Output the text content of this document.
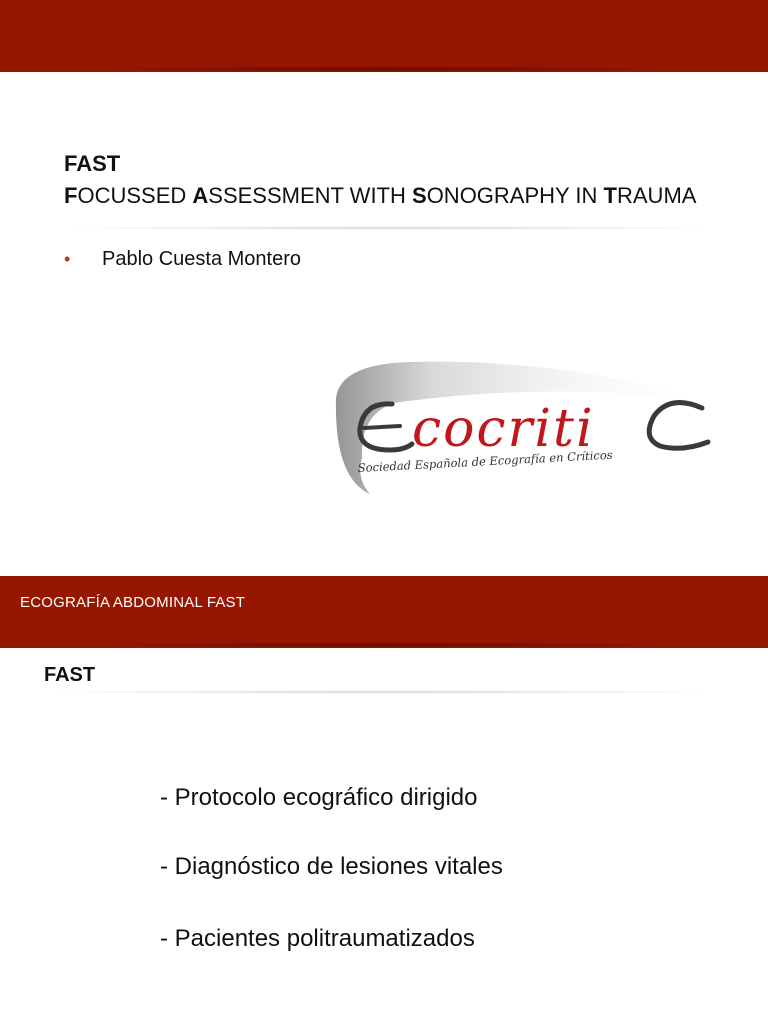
FAST
FOCUSSED ASSESSMENT WITH SONOGRAPHY IN TRAUMA
• Pablo Cuesta Montero
cocriti
Sociedad Española de Ecografía en Críticos
ECOGRAFÍA ABDOMINAL FAST
FAST
- Protocolo ecográfico dirigido
- Diagnóstico de lesiones vitales
- Pacientes politraumatizados
